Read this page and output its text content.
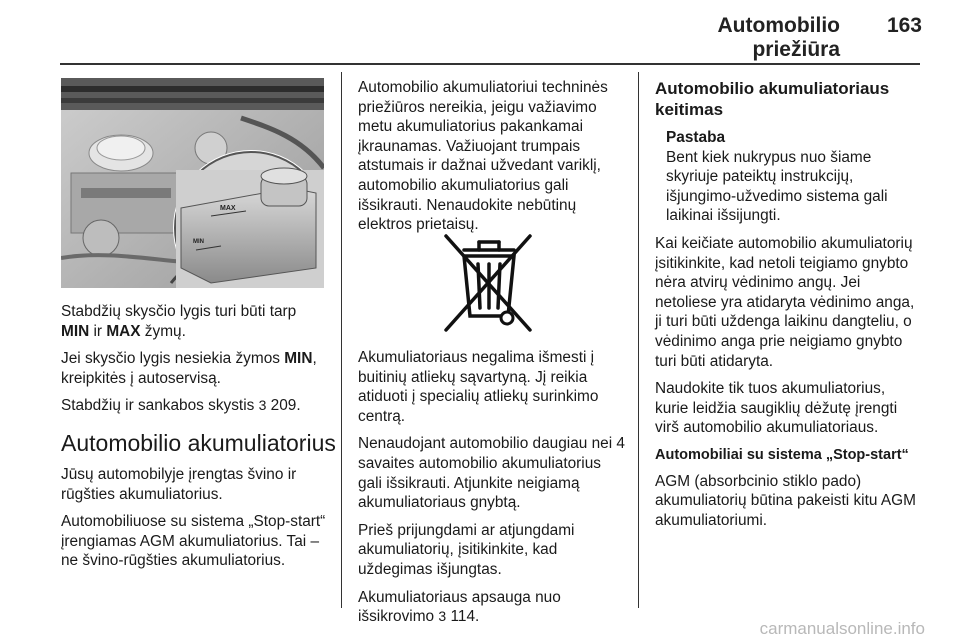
Automobilio priežiūra
163
MAX
MIN

Stabdžių skysčio lygis turi būti tarp
MIN ir MAX žymų.

Jei skysčio lygis nesiekia žymos MIN, kreipkitės į autoservisą.

Stabdžių ir sankabos skystis 3 209.

Automobilio akumuliatorius

Jūsų automobilyje įrengtas švino ir rūgšties akumuliatorius.

Automobiliuose su sistema „Stop-start“ įrengiamas AGM akumuliatorius. Tai – ne švino-rūgšties akumuliatorius.

Automobilio akumuliatoriui techninės priežiūros nereikia, jeigu važiavimo metu akumuliatorius pakankamai įkraunamas. Važiuojant trumpais atstumais ir dažnai užvedant variklį, automobilio akumuliatorius gali išsikrauti. Nenaudokite nebūtinų elektros prietaisų.

Akumuliatoriaus negalima išmesti į buitinių atliekų sąvartyną. Jį reikia atiduoti į specialių atliekų surinkimo centrą.

Nenaudojant automobilio daugiau nei 4 savaites automobilio akumuliatorius gali išsikrauti. Atjunkite neigiamą akumuliatoriaus gnybtą.

Prieš prijungdami ar atjungdami akumuliatorių, įsitikinkite, kad uždegimas išjungtas.

Akumuliatoriaus apsauga nuo išsikrovimo 3 114.

Automobilio akumuliatoriaus keitimas
Pastaba
Bent kiek nukrypus nuo šiame skyriuje pateiktų instrukcijų, išjungimo-užvedimo sistema gali laikinai išsijungti.

Kai keičiate automobilio akumuliatorių įsitikinkite, kad netoli teigiamo gnybto nėra atvirų vėdinimo angų. Jei netoliese yra atidaryta vėdinimo anga, ji turi būti uždenga laikinu dangteliu, o vėdinimo anga prie neigiamo gnybto turi būti atidaryta.

Naudokite tik tuos akumuliatorius, kurie leidžia saugiklių dėžutę įrengti virš automobilio akumuliatoriaus.

Automobiliai su sistema „Stop-start“

AGM (absorbcinio stiklo pado) akumuliatorių būtina pakeisti kitu AGM akumuliatoriumi.

carmanualsonline.info
